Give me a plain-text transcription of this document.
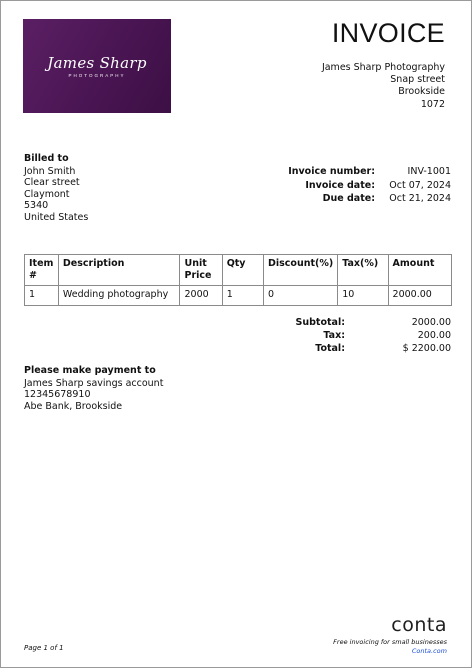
James Sharp
PHOTOGRAPHY
INVOICE
James Sharp Photography
Snap street
Brookside
1072
Billed to
John Smith
Clear street
Claymont
5340
United States
Invoice number:	INV-1001
Invoice date:	Oct 07, 2024
Due date:	Oct 21, 2024
Item #	Description	Unit Price	Qty	Discount(%)	Tax(%)	Amount
1	Wedding photography	2000	1	0	10	2000.00
Subtotal:	2000.00
Tax:	200.00
Total:	$ 2200.00
Please make payment to
James Sharp savings account
12345678910
Abe Bank, Brookside
Page 1 of 1
conta
Free invoicing for small businesses
Conta.com
